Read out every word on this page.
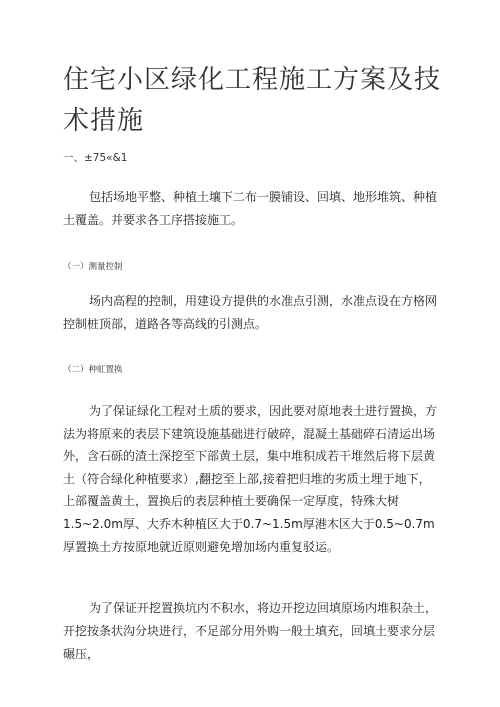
住宅小区绿化工程施工方案及技术措施
一、±75«&1

包括场地平整、种植土壤下二布一膜铺设、回填、地形堆筑、种植土覆盖。并要求各工序搭接施工。

（一）测量控制

场内高程的控制，用建设方提供的水准点引测，水准点设在方格网控制桩顶部，道路各等高线的引测点。

（二）种虹置换

为了保证绿化工程对土质的要求，因此要对原地表土进行置换，方法为将原来的表层下建筑设施基础进行破碎，混凝土基础碎石清运出场外，含石砾的渣土深挖至下部黄土层，集中堆积成若干堆然后将下层黄土（符合绿化种植要求）,翻挖至上部,接着把归堆的劣质土埋于地下，上部覆盖黄土，置换后的表层种植土要确保一定厚度，特殊大树1.5~2.0m厚、大乔木种植区大于0.7~1.5m厚港木区大于0.5~0.7m厚置换土方按原地就近原则避免增加场内重复驳运。

为了保证开挖置换坑内不积水，将边开挖边回填原场内堆积杂土，开挖按条状沟分块进行，不足部分用外购一般土填充，回填土要求分层碾压，
